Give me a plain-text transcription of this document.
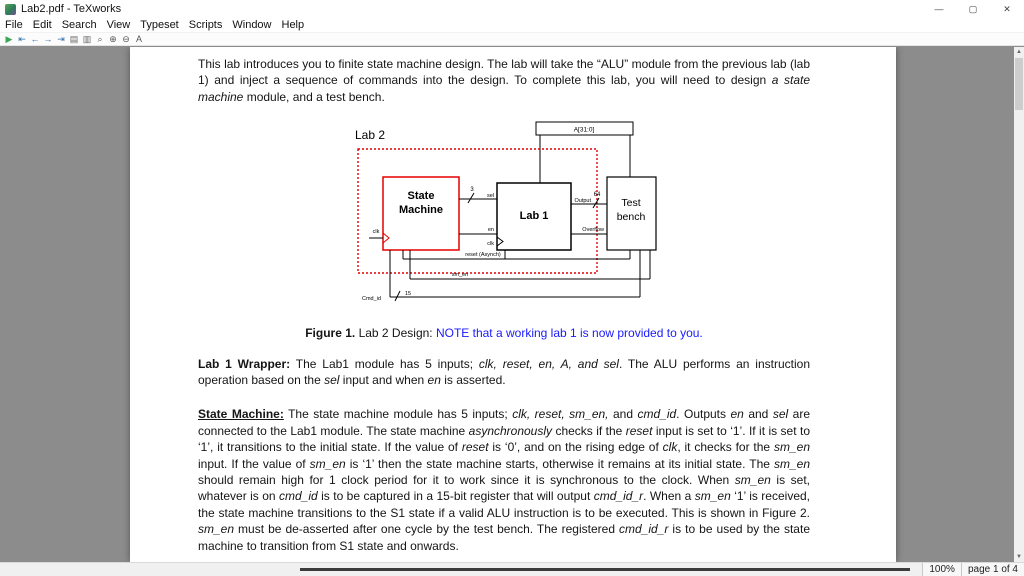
Lab2.pdf - TeXworks	—	▢	✕
File Edit Search View Typeset Scripts Window Help
▶ ⇤ ← → ⇥ ▤ ▥ ⌕ ⊕ ⊖ A

This lab introduces you to finite state machine design. The lab will take the “ALU” module from the previous lab (lab 1) and inject a sequence of commands into the design. To complete this lab, you will need to design a state machine module, and a test bench.

Lab 2	A[31:0]
State
Machine
clk
Lab 1
clk
Test
bench
3
sel
en
64
Output
Overflow
reset (Asynch)
sm_en
Cmd_id
15

Figure 1. Lab 2 Design: NOTE that a working lab 1 is now provided to you.

Lab 1 Wrapper: The Lab1 module has 5 inputs; clk, reset, en, A, and sel. The ALU performs an instruction operation based on the sel input and when en is asserted.

State Machine: The state machine module has 5 inputs; clk, reset, sm_en, and cmd_id. Outputs en and sel are connected to the Lab1 module. The state machine asynchronously checks if the reset input is set to ‘1’. If it is set to ‘1’, it transitions to the initial state. If the value of reset is ‘0’, and on the rising edge of clk, it checks for the sm_en input. If the value of sm_en is ‘1’ then the state machine starts, otherwise it remains at its initial state. The sm_en should remain high for 1 clock period for it to work since it is synchronous to the clock. When sm_en is set, whatever is on cmd_id is to be captured in a 15-bit register that will output cmd_id_r. When a sm_en ‘1’ is received, the state machine transitions to the S1 state if a valid ALU instruction is to be executed. This is shown in Figure 2. sm_en must be de-asserted after one cycle by the test bench. The registered cmd_id_r is to be used by the state machine to transition from S1 state and onwards.

▲
▼
100%	page 1 of 4
